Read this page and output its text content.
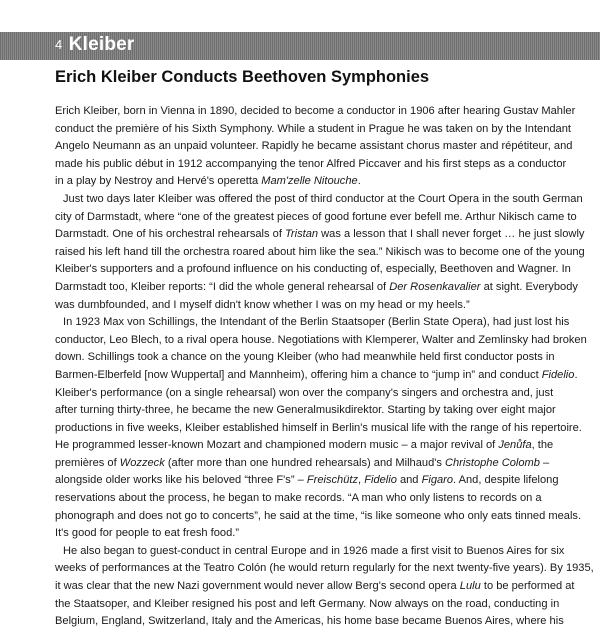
4 Kleiber
Erich Kleiber Conducts Beethoven Symphonies
Erich Kleiber, born in Vienna in 1890, decided to become a conductor in 1906 after hearing Gustav Mahler
conduct the première of his Sixth Symphony. While a student in Prague he was taken on by the Intendant
Angelo Neumann as an unpaid volunteer. Rapidly he became assistant chorus master and répétiteur, and
made his public début in 1912 accompanying the tenor Alfred Piccaver and his first steps as a conductor
in a play by Nestroy and Hervé's operetta Mam'zelle Nitouche.
Just two days later Kleiber was offered the post of third conductor at the Court Opera in the south German
city of Darmstadt, where “one of the greatest pieces of good fortune ever befell me. Arthur Nikisch came to
Darmstadt. One of his orchestral rehearsals of Tristan was a lesson that I shall never forget … he just slowly
raised his left hand till the orchestra roared about him like the sea.” Nikisch was to become one of the young
Kleiber's supporters and a profound influence on his conducting of, especially, Beethoven and Wagner. In
Darmstadt too, Kleiber reports: “I did the whole general rehearsal of Der Rosenkavalier at sight. Everybody
was dumbfounded, and I myself didn't know whether I was on my head or my heels.”
In 1923 Max von Schillings, the Intendant of the Berlin Staatsoper (Berlin State Opera), had just lost his
conductor, Leo Blech, to a rival opera house. Negotiations with Klemperer, Walter and Zemlinsky had broken
down. Schillings took a chance on the young Kleiber (who had meanwhile held first conductor posts in
Barmen-Elberfeld [now Wuppertal] and Mannheim), offering him a chance to “jump in” and conduct Fidelio.
Kleiber's performance (on a single rehearsal) won over the company's singers and orchestra and, just
after turning thirty-three, he became the new Generalmusikdirektor. Starting by taking over eight major
productions in five weeks, Kleiber established himself in Berlin's musical life with the range of his repertoire.
He programmed lesser-known Mozart and championed modern music – a major revival of Jenůfa, the
premières of Wozzeck (after more than one hundred rehearsals) and Milhaud's Christophe Colomb –
alongside older works like his beloved “three F's” – Freischütz, Fidelio and Figaro. And, despite lifelong
reservations about the process, he began to make records. “A man who only listens to records on a
phonograph and does not go to concerts”, he said at the time, “is like someone who only eats tinned meals.
It's good for people to eat fresh food.”
He also began to guest-conduct in central Europe and in 1926 made a first visit to Buenos Aires for six
weeks of performances at the Teatro Colón (he would return regularly for the next twenty-five years). By 1935,
it was clear that the new Nazi government would never allow Berg's second opera Lulu to be performed at
the Staatsoper, and Kleiber resigned his post and left Germany. Now always on the road, conducting in
Belgium, England, Switzerland, Italy and the Americas, his home base became Buenos Aires, where his
